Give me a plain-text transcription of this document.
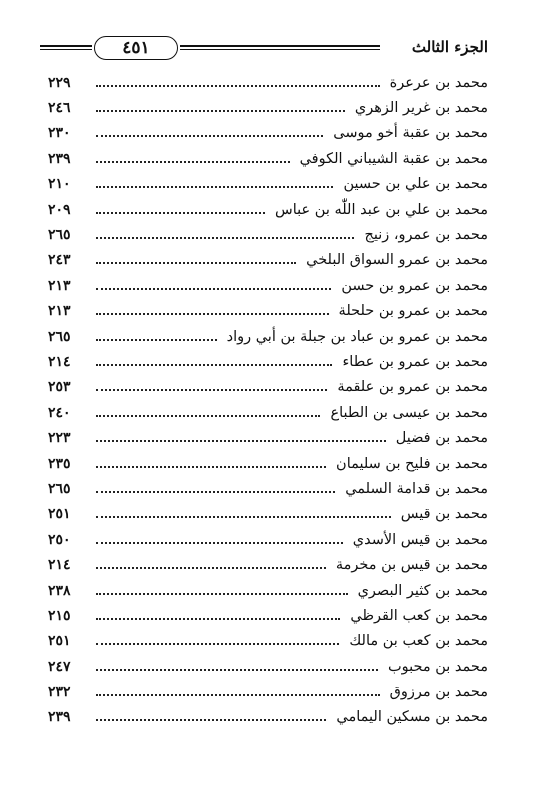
٤٥١	الجزء الثالث
محمد بن عرعرة
٢٢٩
محمد بن غرير الزهري
٢٤٦
محمد بن عقبة أخو موسى
٢٣٠
محمد بن عقبة الشيباني الكوفي
٢٣٩
محمد بن علي بن حسين
٢١٠
محمد بن علي بن عبد اللّٰه بن عباس
٢٠٩
محمد بن عمرو، زنيج
٢٦٥
محمد بن عمرو السواق البلخي
٢٤٣
محمد بن عمرو بن حسن
٢١٣
محمد بن عمرو بن حلحلة
٢١٣
محمد بن عمرو بن عباد بن جبلة بن أبي رواد
٢٦٥
محمد بن عمرو بن عطاء
٢١٤
محمد بن عمرو بن علقمة
٢٥٣
محمد بن عيسى بن الطباع
٢٤٠
محمد بن فضيل
٢٢٣
محمد بن فليح بن سليمان
٢٣٥
محمد بن قدامة السلمي
٢٦٥
محمد بن قيس
٢٥١
محمد بن قيس الأسدي
٢٥٠
محمد بن قيس بن مخرمة
٢١٤
محمد بن كثير البصري
٢٣٨
محمد بن كعب القرظي
٢١٥
محمد بن كعب بن مالك
٢٥١
محمد بن محبوب
٢٤٧
محمد بن مرزوق
٢٣٢
محمد بن مسكين اليمامي
٢٣٩
